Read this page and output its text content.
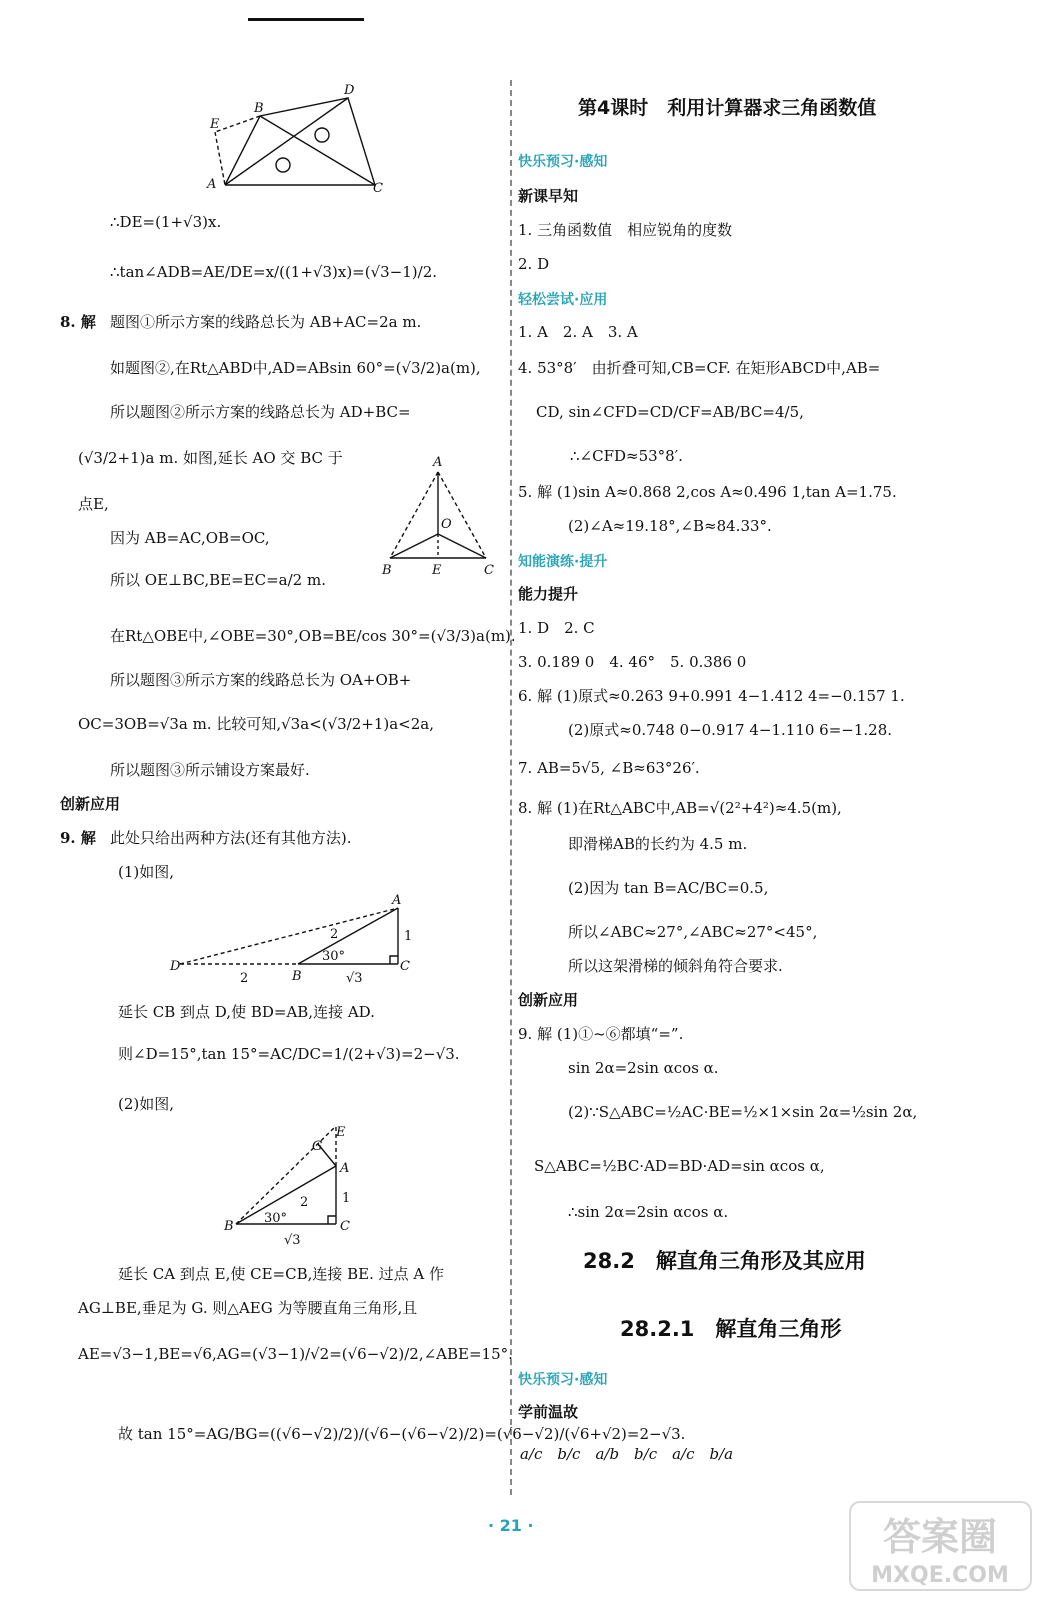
E
B
D
A	C
∴DE=(1+√3)x.
∴tan∠ADB=AE/DE=x/((1+√3)x)=(√3−1)/2.
8. 解 题图①所示方案的线路总长为 AB+AC=2a m.
如题图②,在Rt△ABD中,AD=ABsin 60°=(√3/2)a(m),
所以题图②所示方案的线路总长为 AD+BC=
(√3/2+1)a m. 如图,延长 AO 交 BC 于
点E,
因为 AB=AC,OB=OC,
所以 OE⊥BC,BE=EC=a/2 m.
A
O
B	E	C
在Rt△OBE中,∠OBE=30°,OB=BE/cos 30°=(√3/3)a(m).
所以题图③所示方案的线路总长为 OA+OB+
OC=3OB=√3a m. 比较可知,√3a<(√3/2+1)a<2a,
所以题图③所示铺设方案最好.
创新应用
9. 解 此处只给出两种方法(还有其他方法).
(1)如图,
D
B
C
A
2
2
30°
1
√3
延长 CB 到点 D,使 BD=AB,连接 AD.
则∠D=15°,tan 15°=AC/DC=1/(2+√3)=2−√3.
(2)如图,
B	C
A
G
E
2	1
30°
√3
延长 CA 到点 E,使 CE=CB,连接 BE. 过点 A 作
AG⊥BE,垂足为 G. 则△AEG 为等腰直角三角形,且
AE=√3−1,BE=√6,AG=(√3−1)/√2=(√6−√2)/2,∠ABE=15°.
故 tan 15°=AG/BG=((√6−√2)/2)/(√6−(√6−√2)/2)=(√6−√2)/(√6+√2)=2−√3.
第4课时　利用计算器求三角函数值
快乐预习·感知
新课早知
1. 三角函数值　相应锐角的度数
2. D
轻松尝试·应用
1. A　2. A　3. A
4. 53°8′　由折叠可知,CB=CF. 在矩形ABCD中,AB=
CD, sin∠CFD=CD/CF=AB/BC=4/5,
∴∠CFD≈53°8′.
5. 解 (1)sin A≈0.868 2,cos A≈0.496 1,tan A=1.75.
(2)∠A≈19.18°,∠B≈84.33°.
知能演练·提升
能力提升
1. D　2. C
3. 0.189 0　4. 46°　5. 0.386 0
6. 解 (1)原式≈0.263 9+0.991 4−1.412 4=−0.157 1.
(2)原式≈0.748 0−0.917 4−1.110 6=−1.28.
7. AB=5√5, ∠B≈63°26′.
8. 解 (1)在Rt△ABC中,AB=√(2²+4²)≈4.5(m),
即滑梯AB的长约为 4.5 m.
(2)因为 tan B=AC/BC=0.5,
所以∠ABC≈27°,∠ABC≈27°<45°,
所以这架滑梯的倾斜角符合要求.
创新应用
9. 解 (1)①~⑥都填“=”.
sin 2α=2sin αcos α.
(2)∵S△ABC=½AC·BE=½×1×sin 2α=½sin 2α,
S△ABC=½BC·AD=BD·AD=sin αcos α,
∴sin 2α=2sin αcos α.
28.2　解直角三角形及其应用
28.2.1　解直角三角形
快乐预习·感知
学前温故
a/c　b/c　a/b　b/c　a/c　b/a
· 21 ·	答案圈
MXQE.COM
